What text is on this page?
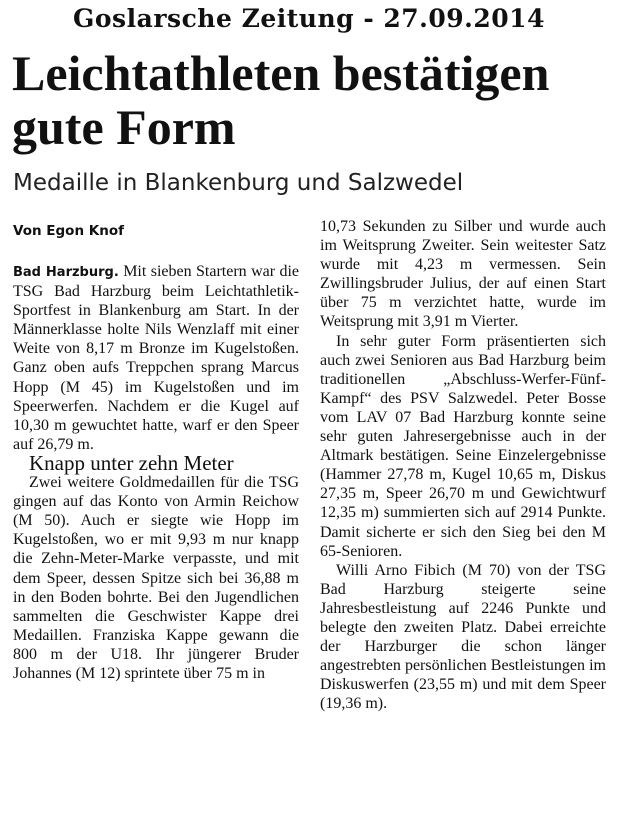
Goslarsche Zeitung - 27.09.2014
Leichtathleten bestätigen gute Form
Medaille in Blankenburg und Salzwedel
Von Egon Knof

Bad Harzburg. Mit sieben Startern war die TSG Bad Harzburg beim Leichtathletik-Sportfest in Blankenburg am Start. In der Männerklasse holte Nils Wenzlaff mit einer Weite von 8,17 m Bronze im Kugelstoßen. Ganz oben aufs Treppchen sprang Marcus Hopp (M 45) im Kugelstoßen und im Speerwerfen. Nachdem er die Kugel auf 10,30 m gewuchtet hatte, warf er den Speer auf 26,79 m.

Knapp unter zehn Meter

Zwei weitere Goldmedaillen für die TSG gingen auf das Konto von Armin Reichow (M 50). Auch er siegte wie Hopp im Kugelstoßen, wo er mit 9,93 m nur knapp die Zehn-Meter-Marke verpasste, und mit dem Speer, dessen Spitze sich bei 36,88 m in den Boden bohrte. Bei den Jugendlichen sammelten die Geschwister Kappe drei Medaillen. Franziska Kappe gewann die 800 m der U18. Ihr jüngerer Bruder Johannes (M 12) sprintete über 75 m in

10,73 Sekunden zu Silber und wurde auch im Weitsprung Zweiter. Sein weitester Satz wurde mit 4,23 m vermessen. Sein Zwillingsbruder Julius, der auf einen Start über 75 m verzichtet hatte, wurde im Weitsprung mit 3,91 m Vierter.

In sehr guter Form präsentierten sich auch zwei Senioren aus Bad Harzburg beim traditionellen „Abschluss-Werfer-Fünf-Kampf“ des PSV Salzwedel. Peter Bosse vom LAV 07 Bad Harzburg konnte seine sehr guten Jahresergebnisse auch in der Altmark bestätigen. Seine Einzelergebnisse (Hammer 27,78 m, Kugel 10,65 m, Diskus 27,35 m, Speer 26,70 m und Gewichtwurf 12,35 m) summierten sich auf 2914 Punkte. Damit sicherte er sich den Sieg bei den M 65-Senioren.

Willi Arno Fibich (M 70) von der TSG Bad Harzburg steigerte seine Jahresbestleistung auf 2246 Punkte und belegte den zweiten Platz. Dabei erreichte der Harzburger die schon länger angestrebten persönlichen Bestleistungen im Diskuswerfen (23,55 m) und mit dem Speer (19,36 m).
